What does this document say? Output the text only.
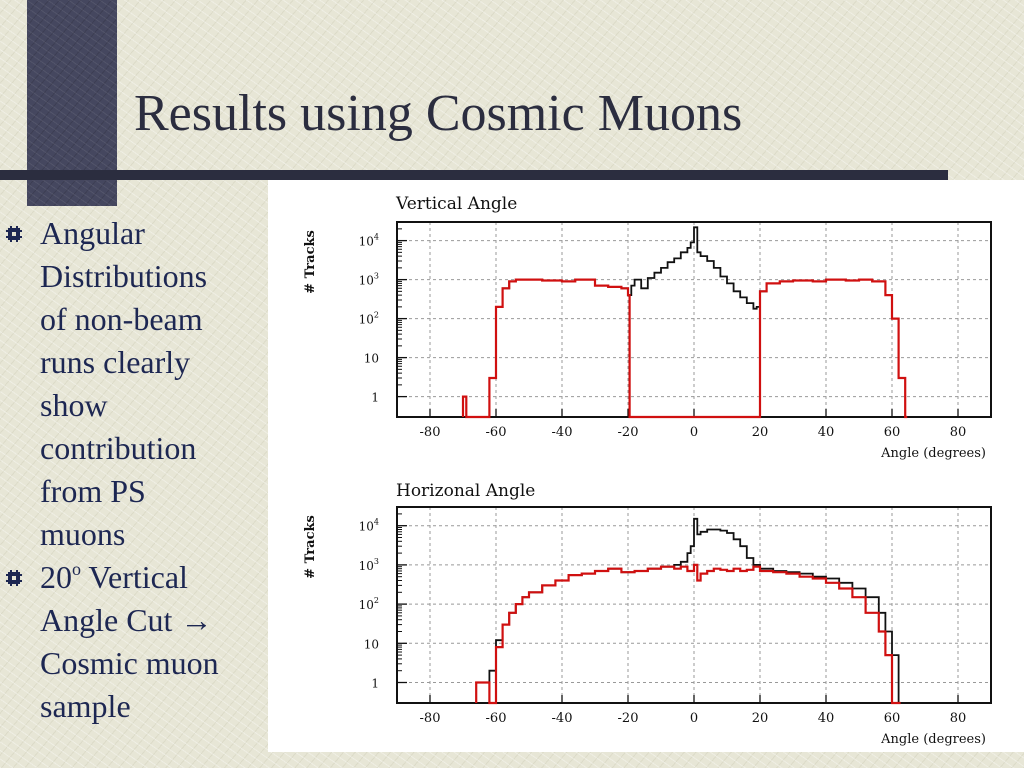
Results using Cosmic Muons
Angular
Distributions
of non-beam
runs clearly
show
contribution
from PS
muons
20$^o$ Vertical
Angle Cut →
Cosmic muon
sample
-80	-60	-40	-20	0	20	40	60	80
1
10
$10^2$
$10^3$
$10^4$
Vertical Angle
Angle (degrees)
# Tracks
-80	-60	-40	-20	0	20	40	60	80
1
10
$10^2$
$10^3$
$10^4$
Horizonal Angle
Angle (degrees)
# Tracks
